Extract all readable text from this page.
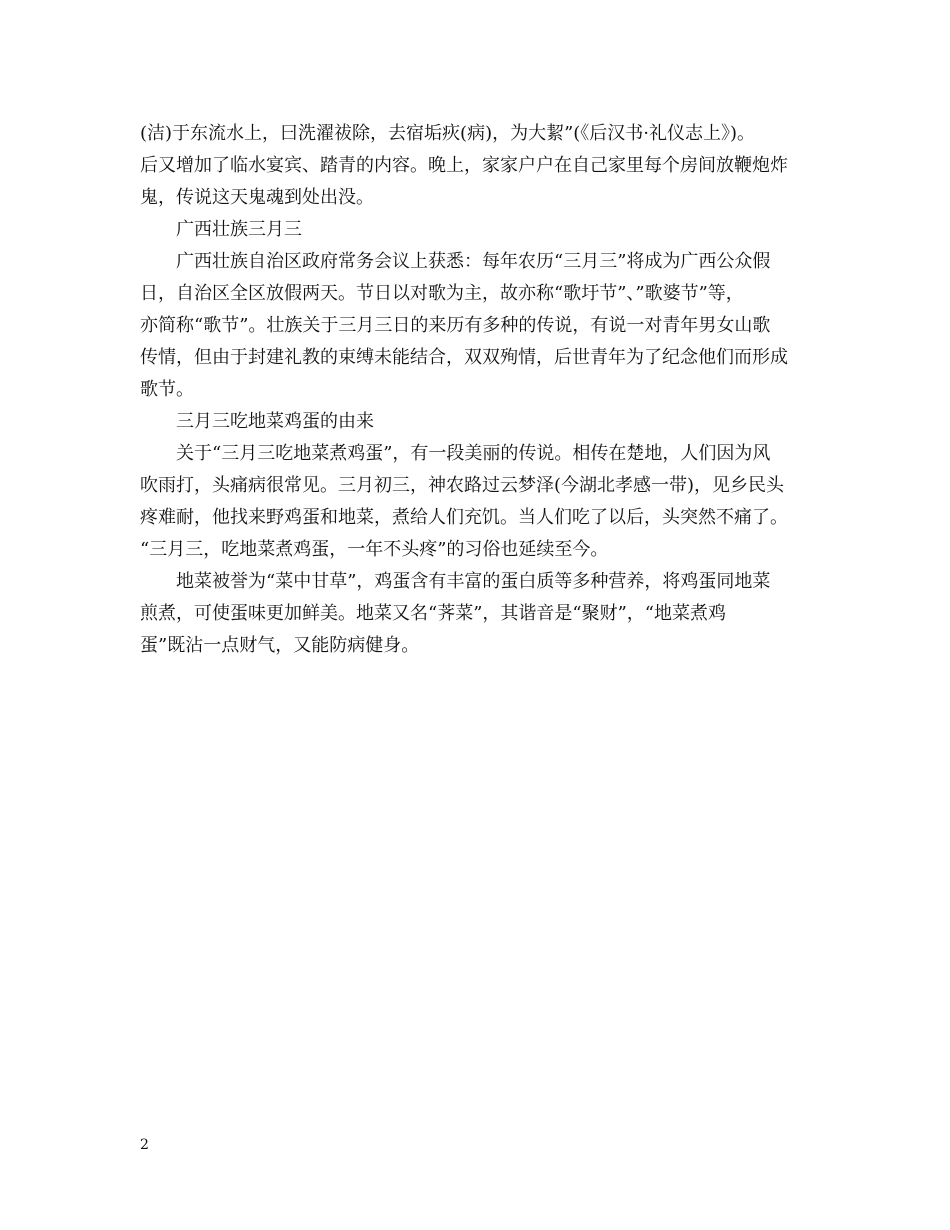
(洁)于东流水上，曰洗濯祓除，去宿垢疢(病)，为大絜”(《后汉书·礼仪志上》)。
后又增加了临水宴宾、踏青的内容。晚上，家家户户在自己家里每个房间放鞭炮炸
鬼，传说这天鬼魂到处出没。
广西壮族三月三
广西壮族自治区政府常务会议上获悉：每年农历“三月三”将成为广西公众假
日，自治区全区放假两天。节日以对歌为主，故亦称“歌圩节”、”歌婆节”等，
亦简称“歌节”。壮族关于三月三日的来历有多种的传说，有说一对青年男女山歌
传情，但由于封建礼教的束缚未能结合，双双殉情，后世青年为了纪念他们而形成
歌节。
三月三吃地菜鸡蛋的由来
关于“三月三吃地菜煮鸡蛋”，有一段美丽的传说。相传在楚地，人们因为风
吹雨打，头痛病很常见。三月初三，神农路过云梦泽(今湖北孝感一带)，见乡民头
疼难耐，他找来野鸡蛋和地菜，煮给人们充饥。当人们吃了以后，头突然不痛了。
“三月三，吃地菜煮鸡蛋，一年不头疼”的习俗也延续至今。
地菜被誉为“菜中甘草”，鸡蛋含有丰富的蛋白质等多种营养，将鸡蛋同地菜
煎煮，可使蛋味更加鲜美。地菜又名“荠菜”，其谐音是“聚财”，“地菜煮鸡
蛋”既沾一点财气，又能防病健身。
2
